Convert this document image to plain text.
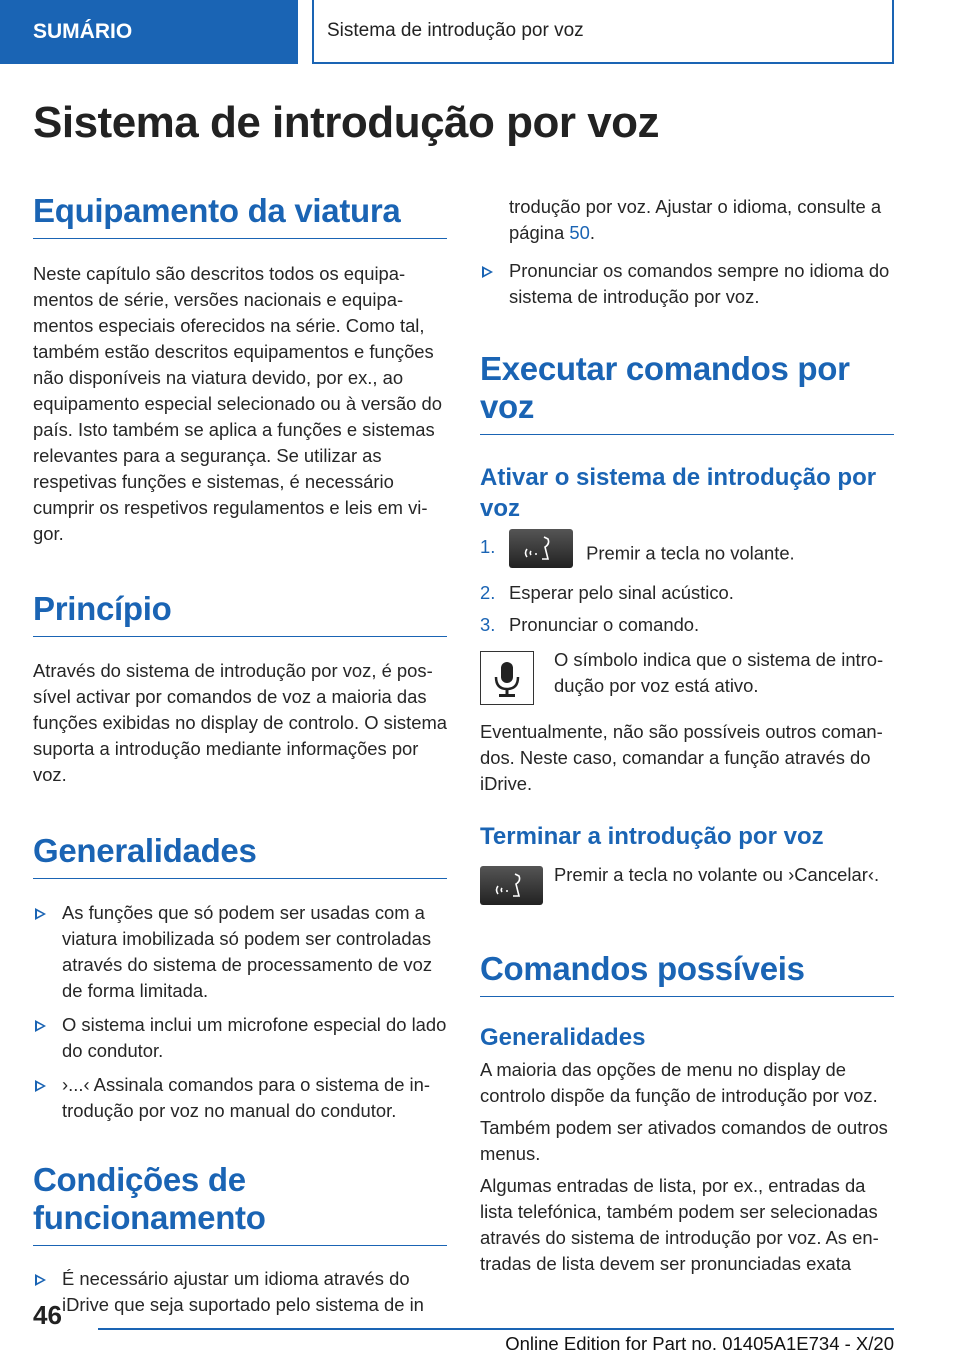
SUMÁRIO	Sistema de introdução por voz
Sistema de introdução por voz
Equipamento da viatura

Neste capítulo são descritos todos os equipamentos de série, versões nacionais e equipamentos especiais oferecidos na série. Como tal, também estão descritos equipamentos e funções não disponíveis na viatura devido, por ex., ao equipamento especial selecionado ou à versão do país. Isto também se aplica a funções e sistemas relevantes para a segurança. Se utilizar as respetivas funções e sistemas, é necessário cumprir os respetivos regulamentos e leis em vigor.

Princípio

Através do sistema de introdução por voz, é possível activar por comandos de voz a maioria das funções exibidas no display de controlo. O sistema suporta a introdução mediante informações por voz.

Generalidades
As funções que só podem ser usadas com a viatura imobilizada só podem ser controladas através do sistema de processamento de voz de forma limitada.
O sistema inclui um microfone especial do lado do condutor.
›...‹ Assinala comandos para o sistema de introdução por voz no manual do condutor.
Condições de funcionamento
É necessário ajustar um idioma através do iDrive que seja suportado pelo sistema de in
trodução por voz. Ajustar o idioma, consulte a página 50.
Pronunciar os comandos sempre no idioma do sistema de introdução por voz.
Executar comandos por voz
Ativar o sistema de introdução por voz
1.	Premir a tecla no volante.
2. Esperar pelo sinal acústico.
3. Pronunciar o comando.

O símbolo indica que o sistema de introdução por voz está ativo.

Eventualmente, não são possíveis outros comandos. Neste caso, comandar a função através do iDrive.

Terminar a introdução por voz

Premir a tecla no volante ou ›Cancelar‹.

Comandos possíveis
Generalidades

A maioria das opções de menu no display de controlo dispõe da função de introdução por voz.

Também podem ser ativados comandos de outros menus.

Algumas entradas de lista, por ex., entradas da lista telefónica, também podem ser selecionadas através do sistema de introdução por voz. As entradas de lista devem ser pronunciadas exata

46
Online Edition for Part no. 01405A1E734 - X/20
